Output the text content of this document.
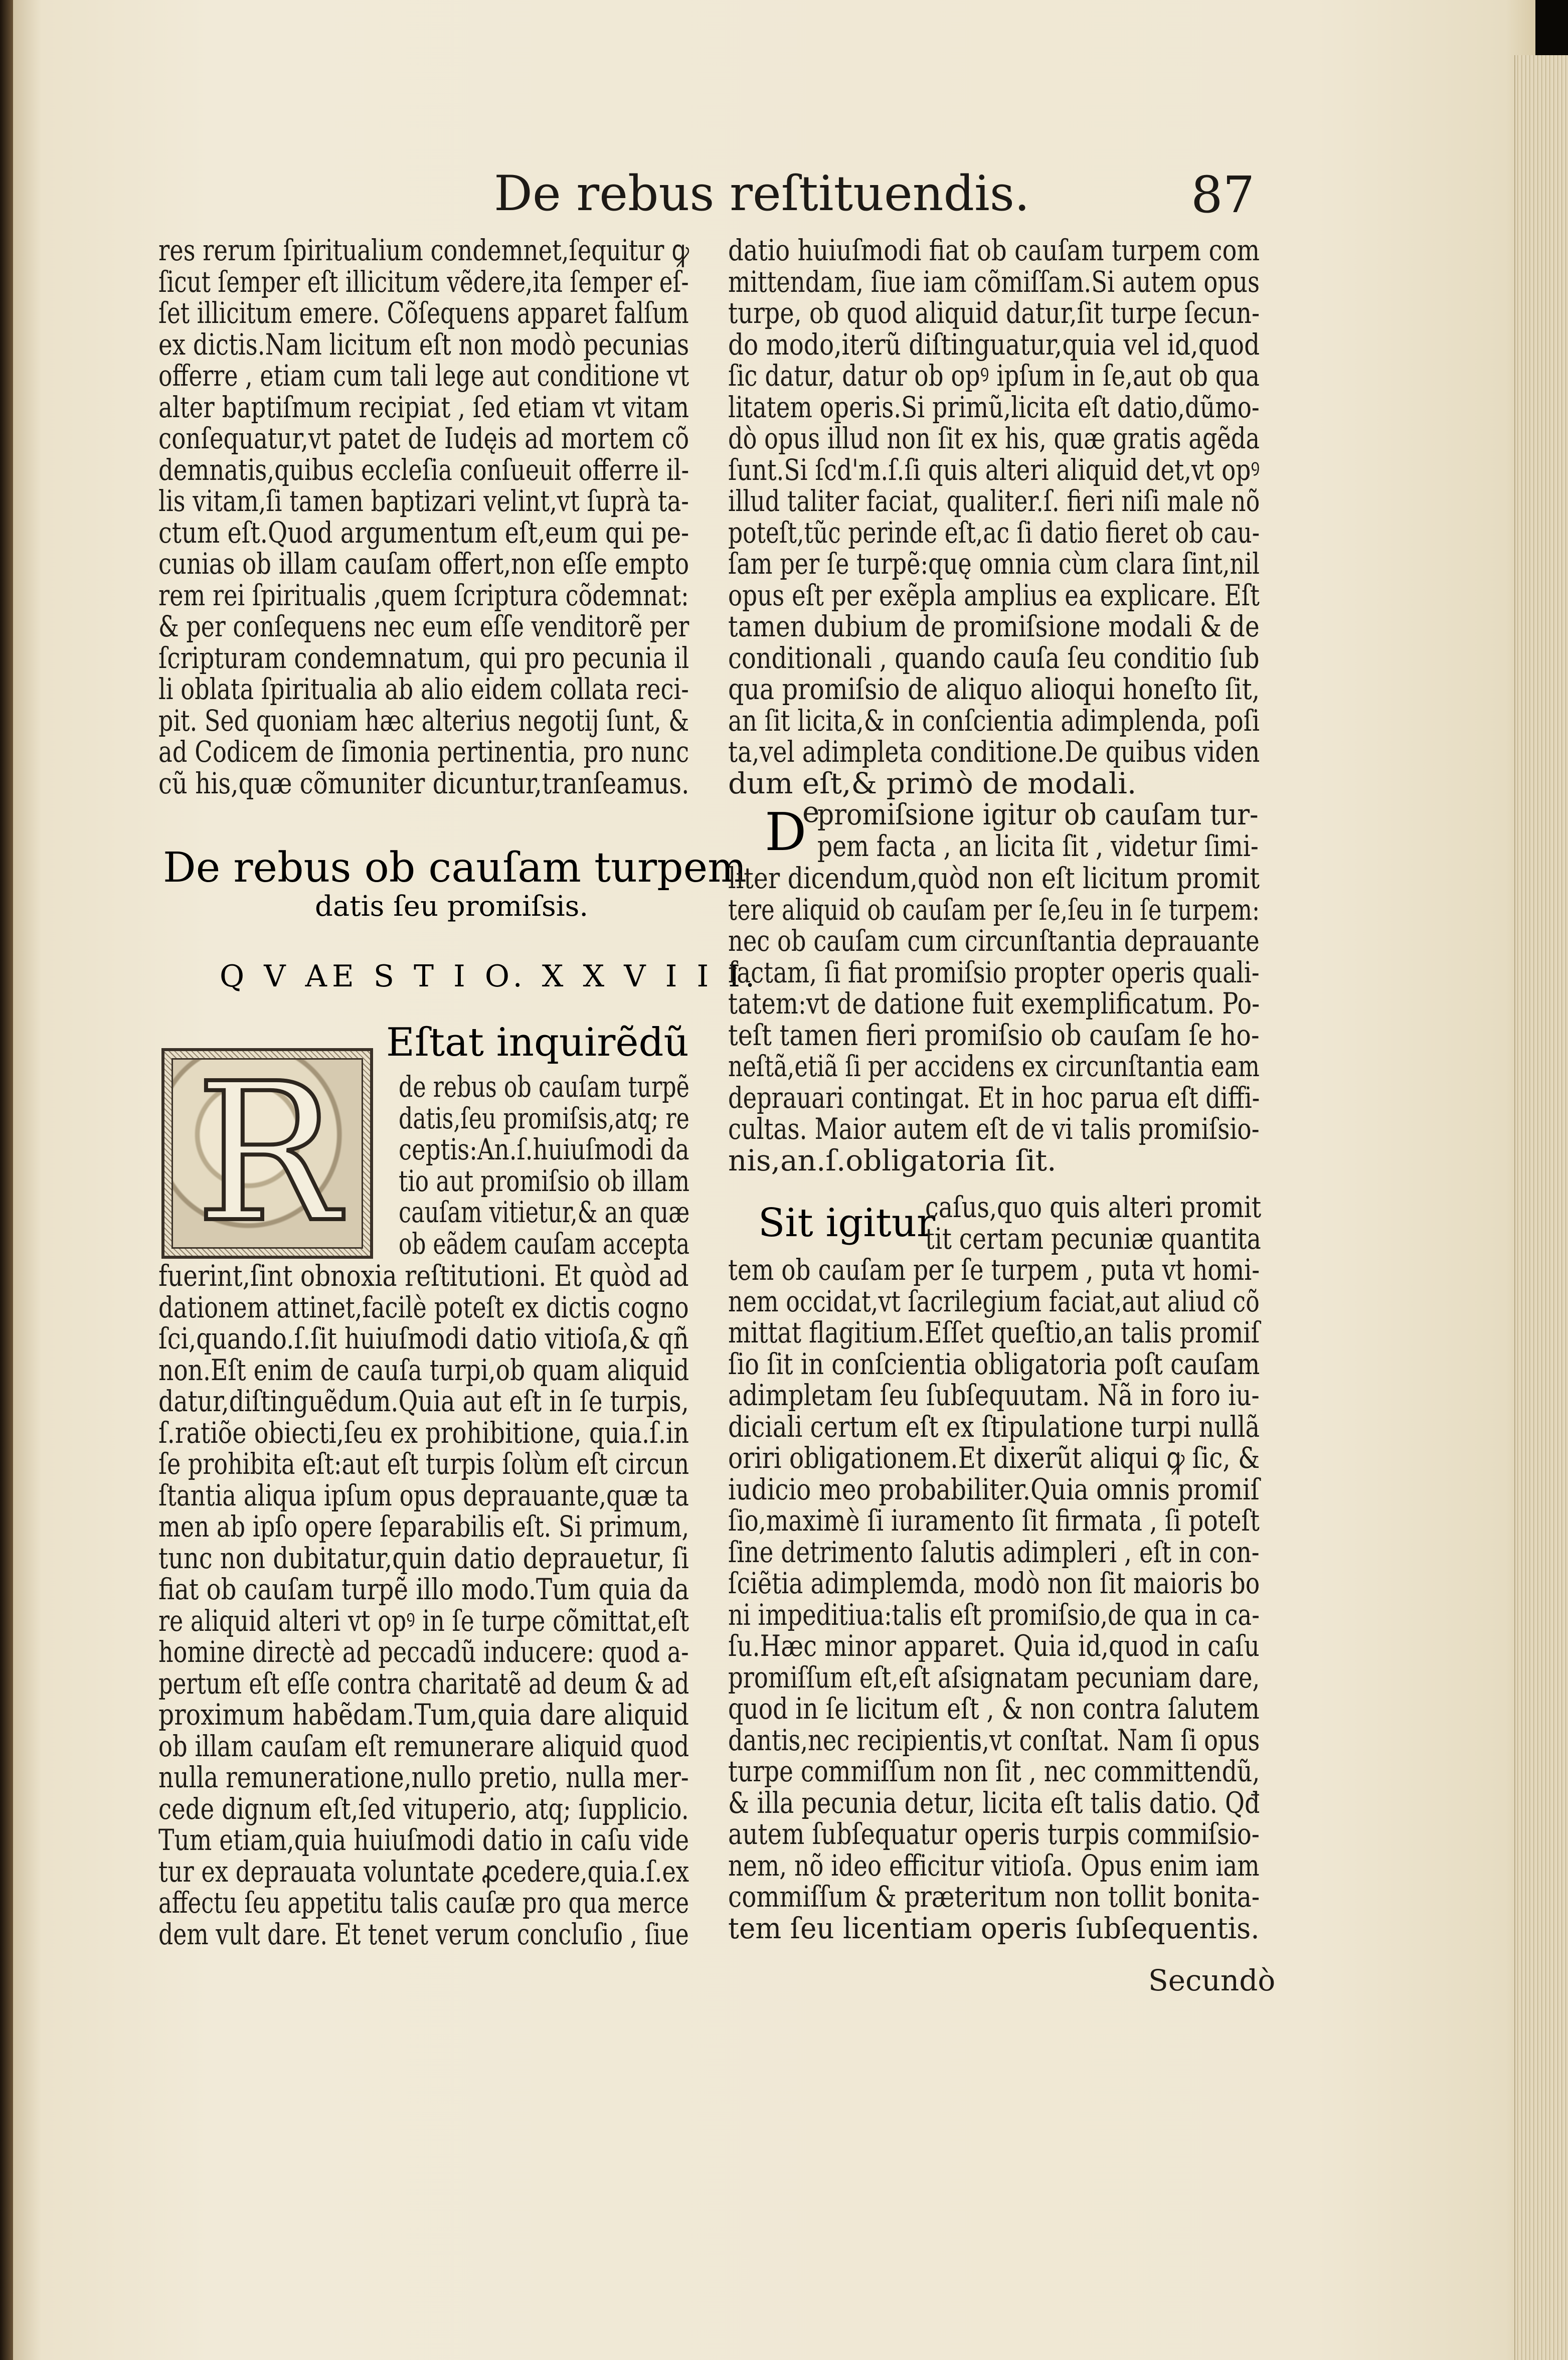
De rebus reſtituendis.	87
De rebus ob cauſam turpem
datis ſeu promiſsis.
Q V AE S T I O. X X V I I I.
R	Eſtat inquirẽdũ
D
e
Sit igitur
Secundò
res rerum ſpiritualium condemnet,ſequitur ꝙ
ſicut ſemper eſt illicitum vẽdere,ita ſemper eſ-
ſet illicitum emere. Cõſequens apparet falſum
ex dictis.Nam licitum eſt non modò pecunias
offerre , etiam cum tali lege aut conditione vt
alter baptiſmum recipiat , ſed etiam vt vitam
conſequatur,vt patet de Iudęis ad mortem cõ
demnatis,quibus eccleſia conſueuit offerre il-
lis vitam,ſi tamen baptizari velint,vt ſuprà ta-
ctum eſt.Quod argumentum eſt,eum qui pe-
cunias ob illam cauſam offert,non eſſe empto
rem rei ſpiritualis ,quem ſcriptura cõdemnat:
& per conſequens nec eum eſſe venditorẽ per
ſcripturam condemnatum, qui pro pecunia il
li oblata ſpiritualia ab alio eidem collata reci-
pit. Sed quoniam hæc alterius negotij ſunt, &
ad Codicem de ſimonia pertinentia, pro nunc
cũ his,quæ cõmuniter dicuntur,tranſeamus.
de rebus ob cauſam turpẽ
datis,ſeu promiſsis,atq; re
ceptis:An.ſ.huiuſmodi da
tio aut promiſsio ob illam
cauſam vitietur,& an quæ
ob eãdem cauſam accepta
fuerint,ſint obnoxia reſtitutioni. Et quòd ad
dationem attinet,facilè poteſt ex dictis cogno
ſci,quando.ſ.ſit huiuſmodi datio vitioſa,& qñ
non.Eſt enim de cauſa turpi,ob quam aliquid
datur,diſtinguẽdum.Quia aut eſt in ſe turpis,
ſ.ratiõe obiecti,ſeu ex prohibitione, quia.ſ.in
ſe prohibita eſt:aut eſt turpis ſolùm eſt circun
ſtantia aliqua ipſum opus deprauante,quæ ta
men ab ipſo opere ſeparabilis eſt. Si primum,
tunc non dubitatur,quin datio deprauetur, ſi
fiat ob cauſam turpẽ illo modo.Tum quia da
re aliquid alteri vt opꝰ in ſe turpe cõmittat,eſt
homine directè ad peccadũ inducere: quod a-
pertum eſt eſſe contra charitatẽ ad deum & ad
proximum habẽdam.Tum,quia dare aliquid
ob illam cauſam eſt remunerare aliquid quod
nulla remuneratione,nullo pretio, nulla mer-
cede dignum eſt,ſed vituperio, atq; ſupplicio.
Tum etiam,quia huiuſmodi datio in caſu vide
tur ex deprauata voluntate ꝓcedere,quia.ſ.ex
affectu ſeu appetitu talis cauſæ pro qua merce
dem vult dare. Et tenet verum concluſio , ſiue
datio huiuſmodi fiat ob cauſam turpem com
mittendam, ſiue iam cõmiſſam.Si autem opus
turpe, ob quod aliquid datur,ſit turpe ſecun-
do modo,iterũ diſtinguatur,quia vel id,quod
ſic datur, datur ob opꝰ ipſum in ſe,aut ob qua
litatem operis.Si primũ,licita eſt datio,dũmo-
dò opus illud non ſit ex his, quæ gratis agẽda
ſunt.Si ſcd'm.ſ.ſi quis alteri aliquid det,vt opꝰ
illud taliter faciat, qualiter.ſ. fieri niſi male nõ
poteſt,tũc perinde eſt,ac ſi datio fieret ob cau-
ſam per ſe turpẽ:quę omnia cùm clara ſint,nil
opus eſt per exẽpla amplius ea explicare. Eſt
tamen dubium de promiſsione modali & de
conditionali , quando cauſa ſeu conditio ſub
qua promiſsio de aliquo alioqui honeſto ſit,
an ſit licita,& in conſcientia adimplenda, poſi
ta,vel adimpleta conditione.De quibus viden
dum eſt,& primò de modali.
promiſsione igitur ob cauſam tur-
pem facta , an licita ſit , videtur ſimi-
liter dicendum,quòd non eſt licitum promit
tere aliquid ob cauſam per ſe,ſeu in ſe turpem:
nec ob cauſam cum circunſtantia deprauante
factam, ſi fiat promiſsio propter operis quali-
tatem:vt de datione fuit exemplificatum. Po-
teſt tamen fieri promiſsio ob cauſam ſe ho-
neſtã,etiã ſi per accidens ex circunſtantia eam
deprauari contingat. Et in hoc parua eſt diffi-
cultas. Maior autem eſt de vi talis promiſsio-
nis,an.ſ.obligatoria ſit.
caſus,quo quis alteri promit
tit certam pecuniæ quantita
tem ob cauſam per ſe turpem , puta vt homi-
nem occidat,vt ſacrilegium faciat,aut aliud cõ
mittat flagitium.Eſſet queſtio,an talis promiſ
ſio ſit in conſcientia obligatoria poſt cauſam
adimpletam ſeu ſubſequutam. Nã in foro iu-
diciali certum eſt ex ſtipulatione turpi nullã
oriri obligationem.Et dixerũt aliqui ꝙ ſic, &
iudicio meo probabiliter.Quia omnis promiſ
ſio,maximè ſi iuramento ſit firmata , ſi poteſt
ſine detrimento ſalutis adimpleri , eſt in con-
ſciẽtia adimplemda, modò non ſit maioris bo
ni impeditiua:talis eſt promiſsio,de qua in ca-
ſu.Hæc minor apparet. Quia id,quod in caſu
promiſſum eſt,eſt aſsignatam pecuniam dare,
quod in ſe licitum eſt , & non contra ſalutem
dantis,nec recipientis,vt conſtat. Nam ſi opus
turpe commiſſum non ſit , nec committendũ,
& illa pecunia detur, licita eſt talis datio. Qđ
autem ſubſequatur operis turpis commiſsio-
nem, nõ ideo efficitur vitioſa. Opus enim iam
commiſſum & præteritum non tollit bonita-
tem ſeu licentiam operis ſubſequentis.
